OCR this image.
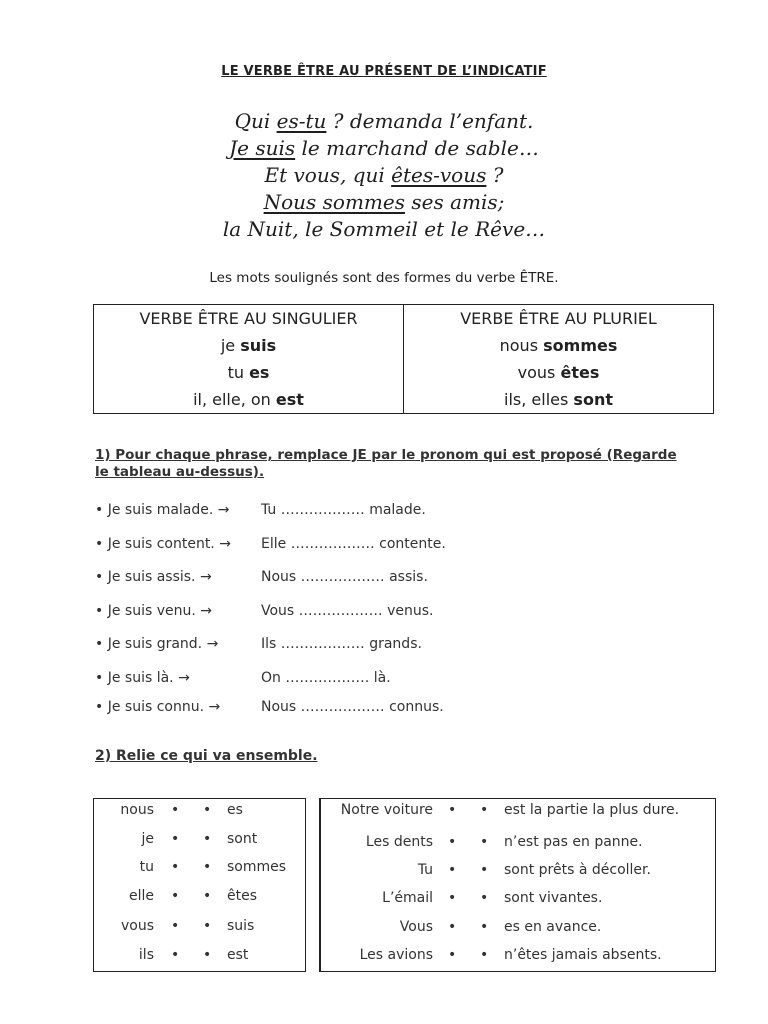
LE VERBE ÊTRE AU PRÉSENT DE L’INDICATIF
Qui es-tu ? demanda l’enfant.
Je suis le marchand de sable…
Et vous, qui êtes-vous ?
Nous sommes ses amis;
la Nuit, le Sommeil et le Rêve…
Les mots soulignés sont des formes du verbe ÊTRE.
VERBE ÊTRE AU SINGULIER	VERBE ÊTRE AU PLURIEL
je suis	nous sommes
tu es	vous êtes
il, elle, on est	ils, elles sont
1) Pour chaque phrase, remplace JE par le pronom qui est proposé (Regarde le tableau au-dessus).
• Je suis malade. → Tu ……………… malade.
• Je suis content. → Elle ……………… contente.
• Je suis assis. →	Nous ……………… assis.
• Je suis venu. →	Vous ……………… venus.
• Je suis grand. →	Ils ……………… grands.
• Je suis là. →	On ……………… là.
• Je suis connu. →	Nous ……………… connus.
2) Relie ce qui va ensemble.
nous • • es
je • • sont
tu • • sommes
elle • • êtes
vous • • suis
ils • • est
Notre voiture • • est la partie la plus dure.
Les dents • • n’est pas en panne.
Tu • • sont prêts à décoller.
L’émail • • sont vivantes.
Vous • • es en avance.
Les avions • • n’êtes jamais absents.
